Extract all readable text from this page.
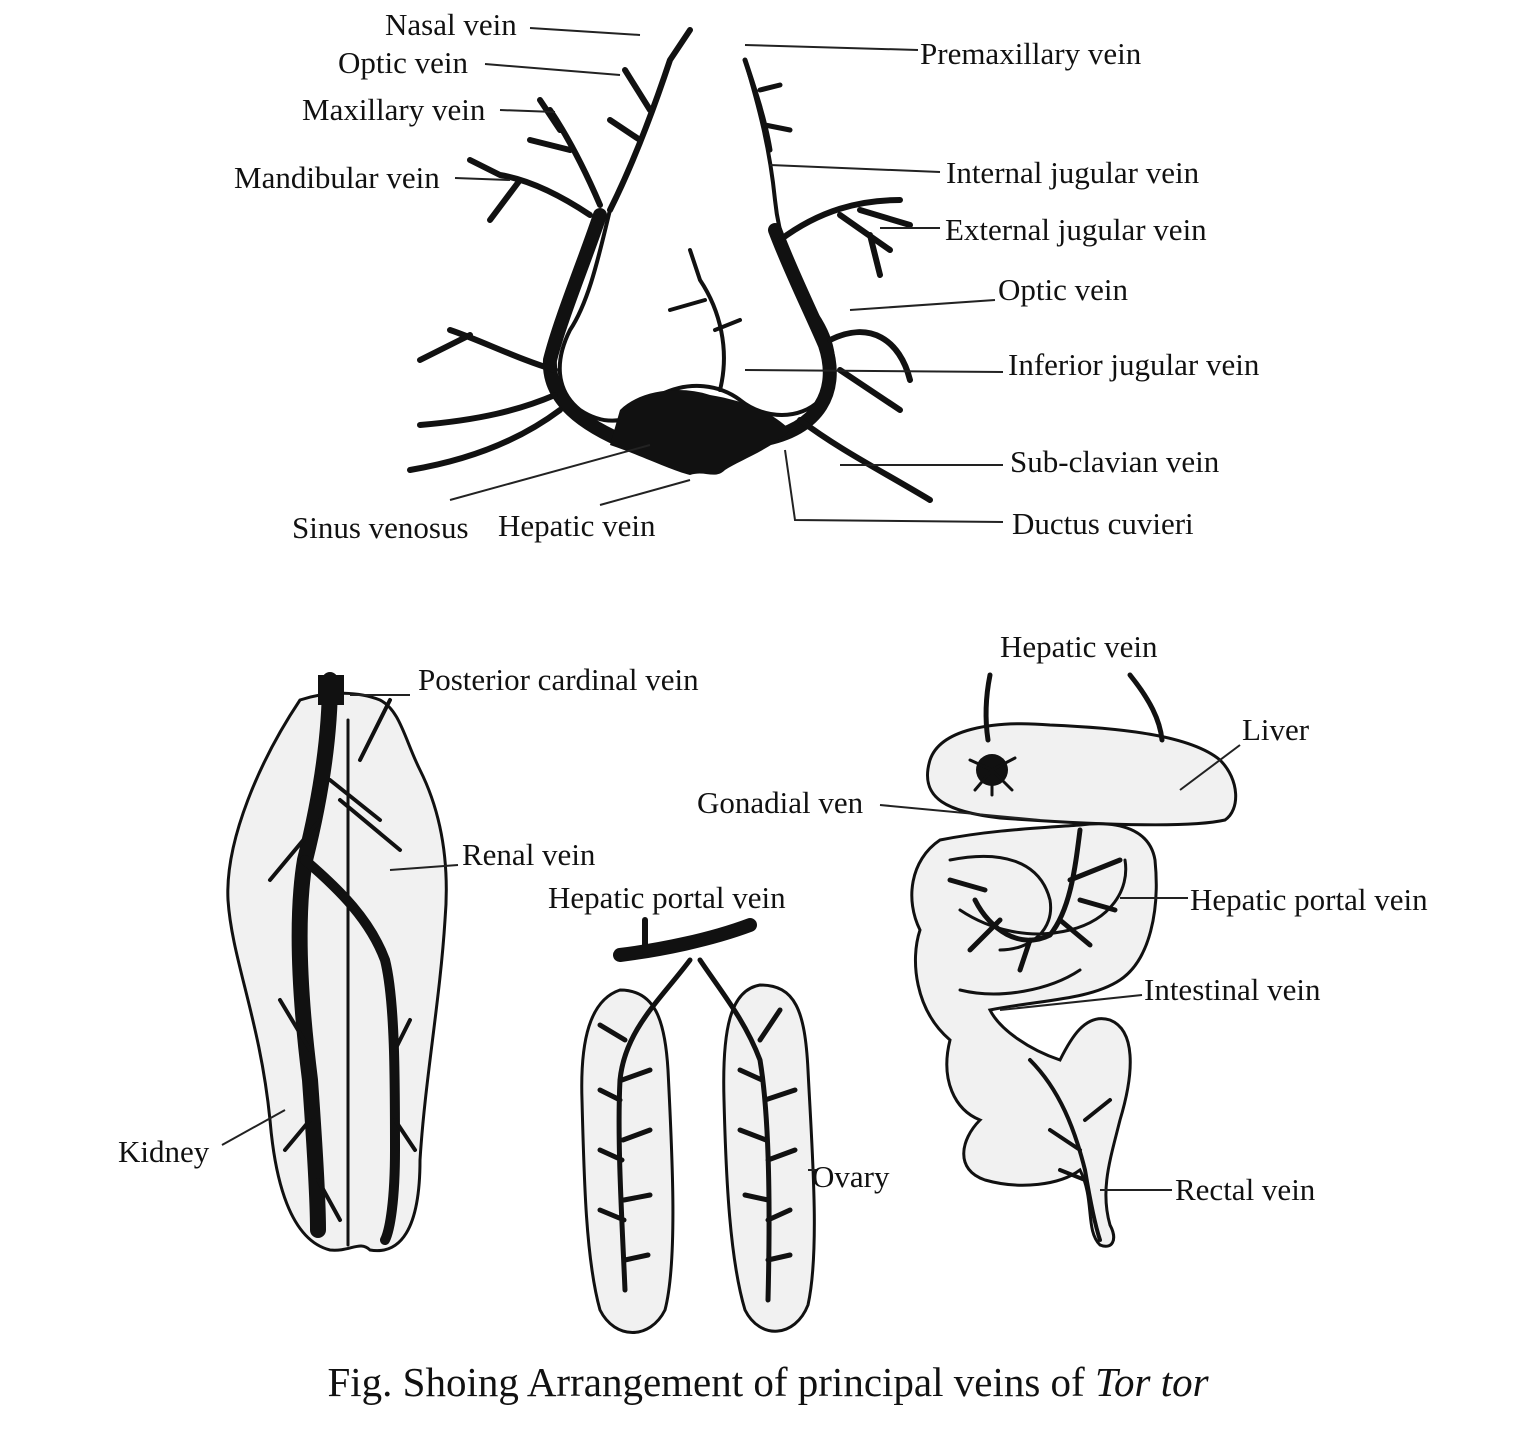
Nasal vein
Optic vein
Maxillary vein
Mandibular vein
Premaxillary vein
Internal jugular vein
External jugular vein
Optic vein
Inferior jugular vein
Sub-clavian vein
Ductus cuvieri
Sinus venosus Hepatic vein
Posterior cardinal vein
Renal vein
Kidney
Hepatic portal vein
Ovary
Hepatic vein
Liver
Gonadial ven
Hepatic portal vein
Intestinal vein
Rectal vein
Fig. Shoing Arrangement of principal veins of Tor tor
